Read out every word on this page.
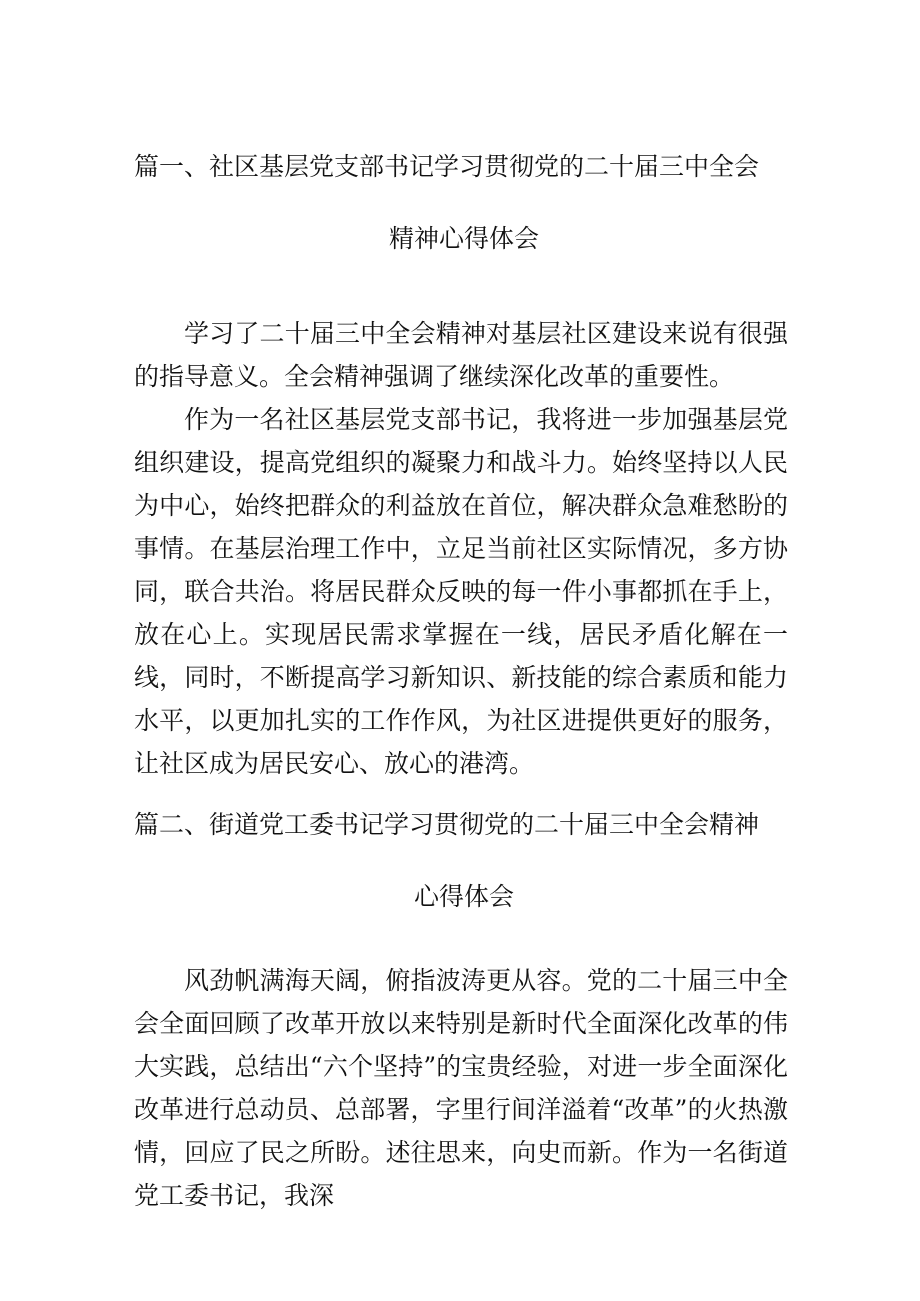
篇一、社区基层党支部书记学习贯彻党的二十届三中全会
精神心得体会

学习了二十届三中全会精神对基层社区建设来说有很强的指导意义。全会精神强调了继续深化改革的重要性。

作为一名社区基层党支部书记，我将进一步加强基层党组织建设，提高党组织的凝聚力和战斗力。始终坚持以人民为中心，始终把群众的利益放在首位，解决群众急难愁盼的事情。在基层治理工作中，立足当前社区实际情况，多方协同，联合共治。将居民群众反映的每一件小事都抓在手上，放在心上。实现居民需求掌握在一线，居民矛盾化解在一线，同时，不断提高学习新知识、新技能的综合素质和能力水平，以更加扎实的工作作风，为社区进提供更好的服务，让社区成为居民安心、放心的港湾。

篇二、街道党工委书记学习贯彻党的二十届三中全会精神
心得体会

风劲帆满海天阔，俯指波涛更从容。党的二十届三中全会全面回顾了改革开放以来特别是新时代全面深化改革的伟大实践，总结出“六个坚持”的宝贵经验，对进一步全面深化改革进行总动员、总部署，字里行间洋溢着“改革”的火热激情，回应了民之所盼。述往思来，向史而新。作为一名街道党工委书记，我深
